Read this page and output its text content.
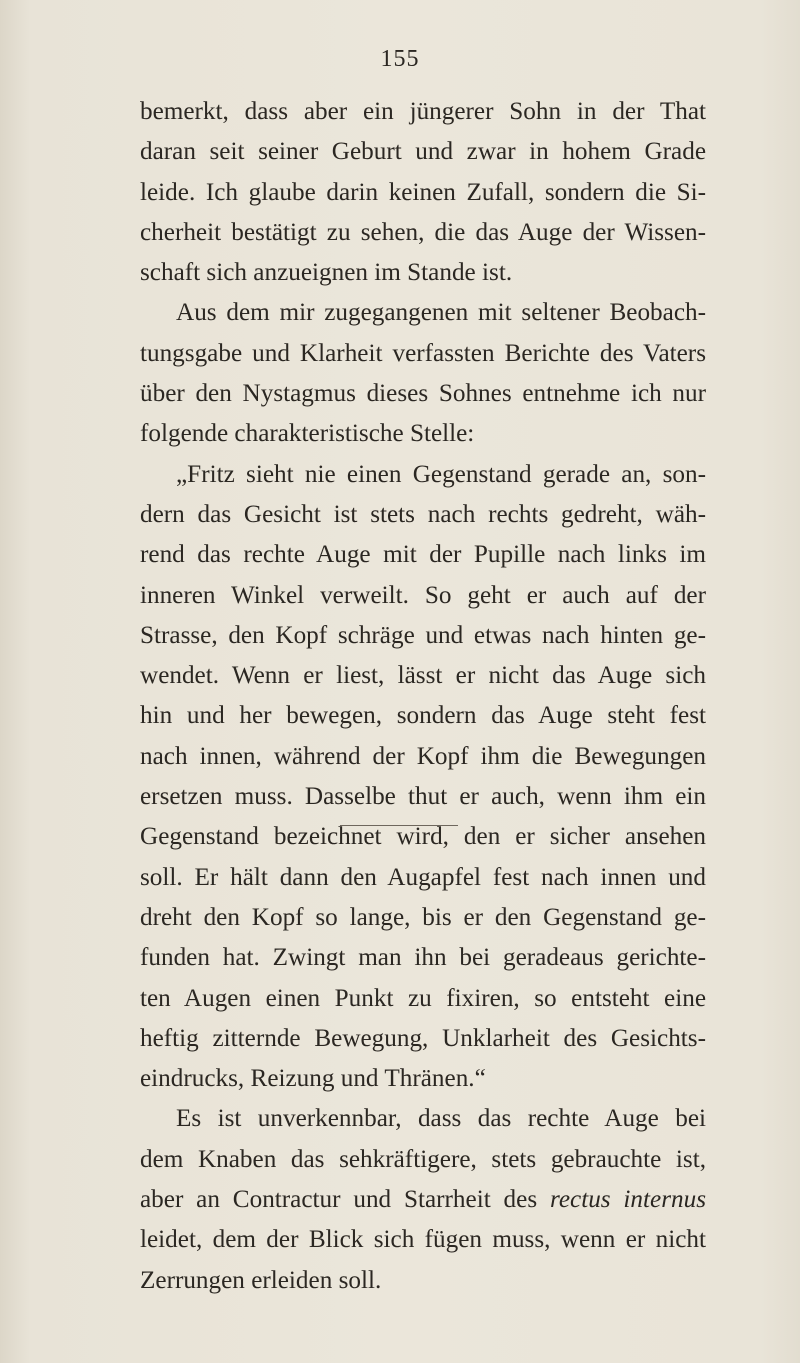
155
bemerkt, dass aber ein jüngerer Sohn in der That
daran seit seiner Geburt und zwar in hohem Grade
leide. Ich glaube darin keinen Zufall, sondern die Si-
cherheit bestätigt zu sehen, die das Auge der Wissen-
schaft sich anzueignen im Stande ist.
Aus dem mir zugegangenen mit seltener Beobach-
tungsgabe und Klarheit verfassten Berichte des Vaters
über den Nystagmus dieses Sohnes entnehme ich nur
folgende charakteristische Stelle:
„Fritz sieht nie einen Gegenstand gerade an, son-
dern das Gesicht ist stets nach rechts gedreht, wäh-
rend das rechte Auge mit der Pupille nach links im
inneren Winkel verweilt. So geht er auch auf der
Strasse, den Kopf schräge und etwas nach hinten ge-
wendet. Wenn er liest, lässt er nicht das Auge sich
hin und her bewegen, sondern das Auge steht fest
nach innen, während der Kopf ihm die Bewegungen
ersetzen muss. Dasselbe thut er auch, wenn ihm ein
Gegenstand bezeichnet wird, den er sicher ansehen
soll. Er hält dann den Augapfel fest nach innen und
dreht den Kopf so lange, bis er den Gegenstand ge-
funden hat. Zwingt man ihn bei geradeaus gerichte-
ten Augen einen Punkt zu fixiren, so entsteht eine
heftig zitternde Bewegung, Unklarheit des Gesichts-
eindrucks, Reizung und Thränen.“
Es ist unverkennbar, dass das rechte Auge bei
dem Knaben das sehkräftigere, stets gebrauchte ist,
aber an Contractur und Starrheit des rectus internus
leidet, dem der Blick sich fügen muss, wenn er nicht
Zerrungen erleiden soll.
